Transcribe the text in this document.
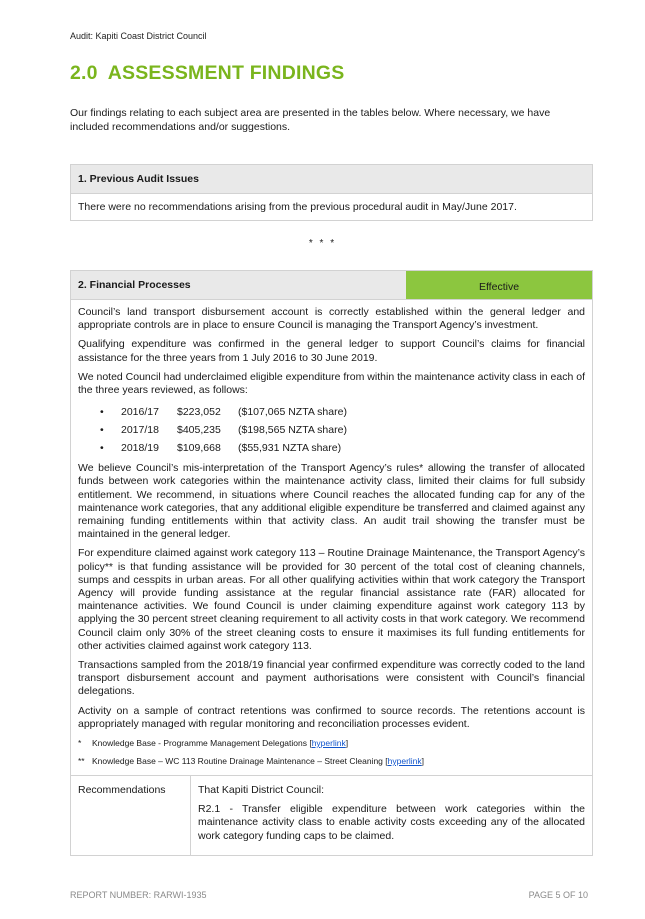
Audit: Kapiti Coast District Council
2.0 ASSESSMENT FINDINGS
Our findings relating to each subject area are presented in the tables below. Where necessary, we have included recommendations and/or suggestions.
1. Previous Audit Issues
There were no recommendations arising from the previous procedural audit in May/June 2017.
* * *
2. Financial Processes	Effective

Council’s land transport disbursement account is correctly established within the general ledger and appropriate controls are in place to ensure Council is managing the Transport Agency’s investment.

Qualifying expenditure was confirmed in the general ledger to support Council’s claims for financial assistance for the three years from 1 July 2016 to 30 June 2019.

We noted Council had underclaimed eligible expenditure from within the maintenance activity class in each of the three years reviewed, as follows:

• 2016/17 $223,052 ($107,065 NZTA share)
• 2017/18 $405,235 ($198,565 NZTA share)
• 2018/19 $109,668 ($55,931 NZTA share)

We believe Council’s mis-interpretation of the Transport Agency’s rules* allowing the transfer of allocated funds between work categories within the maintenance activity class, limited their claims for full subsidy entitlement. We recommend, in situations where Council reaches the allocated funding cap for any of the maintenance work categories, that any additional eligible expenditure be transferred and claimed against any remaining funding entitlements within that activity class. An audit trail showing the transfer must be maintained in the general ledger.

For expenditure claimed against work category 113 – Routine Drainage Maintenance, the Transport Agency’s policy** is that funding assistance will be provided for 30 percent of the total cost of cleaning channels, sumps and cesspits in urban areas. For all other qualifying activities within that work category the Transport Agency will provide funding assistance at the regular financial assistance rate (FAR) allocated for maintenance activities. We found Council is under claiming expenditure against work category 113 by applying the 30 percent street cleaning requirement to all activity costs in that work category. We recommend Council claim only 30% of the street cleaning costs to ensure it maximises its full funding entitlements for other activities claimed against work category 113.

Transactions sampled from the 2018/19 financial year confirmed expenditure was correctly coded to the land transport disbursement account and payment authorisations were consistent with Council’s financial delegations.

Activity on a sample of contract retentions was confirmed to source records. The retentions account is appropriately managed with regular monitoring and reconciliation processes evident.

* Knowledge Base - Programme Management Delegations [hyperlink]

** Knowledge Base – WC 113 Routine Drainage Maintenance – Street Cleaning [hyperlink]

Recommendations	That Kapiti District Council:

R2.1 - Transfer eligible expenditure between work categories within the maintenance activity class to enable activity costs exceeding any of the allocated work category funding caps to be claimed.

REPORT NUMBER: RARWI-1935	PAGE 5 OF 10
